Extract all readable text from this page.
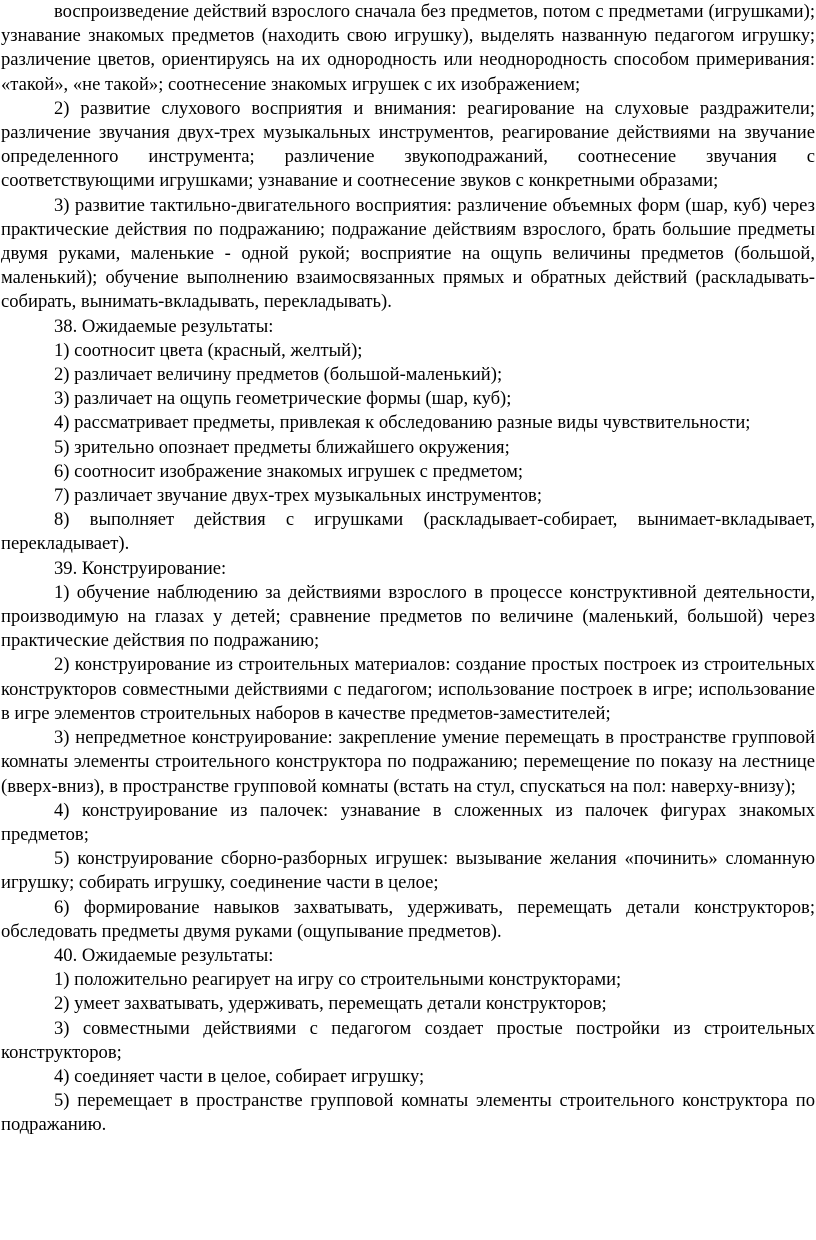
воспроизведение действий взрослого сначала без предметов, потом с предметами (игрушками); узнавание знакомых предметов (находить свою игрушку), выделять названную педагогом игрушку; различение цветов, ориентируясь на их однородность или неоднородность способом примеривания: «такой», «не такой»; соотнесение знакомых игрушек с их изображением;

2) развитие слухового восприятия и внимания: реагирование на слуховые раздражители; различение звучания двух-трех музыкальных инструментов, реагирование действиями на звучание определенного инструмента; различение звукоподражаний, соотнесение звучания с соответствующими игрушками; узнавание и соотнесение звуков с конкретными образами;

3) развитие тактильно-двигательного восприятия: различение объемных форм (шар, куб) через практические действия по подражанию; подражание действиям взрослого, брать большие предметы двумя руками, маленькие - одной рукой; восприятие на ощупь величины предметов (большой, маленький); обучение выполнению взаимосвязанных прямых и обратных действий (раскладывать-собирать, вынимать-вкладывать, перекладывать).

38. Ожидаемые результаты:

1) соотносит цвета (красный, желтый);

2) различает величину предметов (большой-маленький);

3) различает на ощупь геометрические формы (шар, куб);

4) рассматривает предметы, привлекая к обследованию разные виды чувствительности;

5) зрительно опознает предметы ближайшего окружения;

6) соотносит изображение знакомых игрушек с предметом;

7) различает звучание двух-трех музыкальных инструментов;

8) выполняет действия с игрушками (раскладывает-собирает, вынимает-вкладывает, перекладывает).

39. Конструирование:

1) обучение наблюдению за действиями взрослого в процессе конструктивной деятельности, производимую на глазах у детей; сравнение предметов по величине (маленький, большой) через практические действия по подражанию;

2) конструирование из строительных материалов: создание простых построек из строительных конструкторов совместными действиями с педагогом; использование построек в игре; использование в игре элементов строительных наборов в качестве предметов-заместителей;

3) непредметное конструирование: закрепление умение перемещать в пространстве групповой комнаты элементы строительного конструктора по подражанию; перемещение по показу на лестнице (вверх-вниз), в пространстве групповой комнаты (встать на стул, спускаться на пол: наверху-внизу);

4) конструирование из палочек: узнавание в сложенных из палочек фигурах знакомых предметов;

5) конструирование сборно-разборных игрушек: вызывание желания «починить» сломанную игрушку; собирать игрушку, соединение части в целое;

6) формирование навыков захватывать, удерживать, перемещать детали конструкторов; обследовать предметы двумя руками (ощупывание предметов).

40. Ожидаемые результаты:

1) положительно реагирует на игру со строительными конструкторами;

2) умеет захватывать, удерживать, перемещать детали конструкторов;

3) совместными действиями с педагогом создает простые постройки из строительных конструкторов;

4) соединяет части в целое, собирает игрушку;

5) перемещает в пространстве групповой комнаты элементы строительного конструктора по подражанию.
